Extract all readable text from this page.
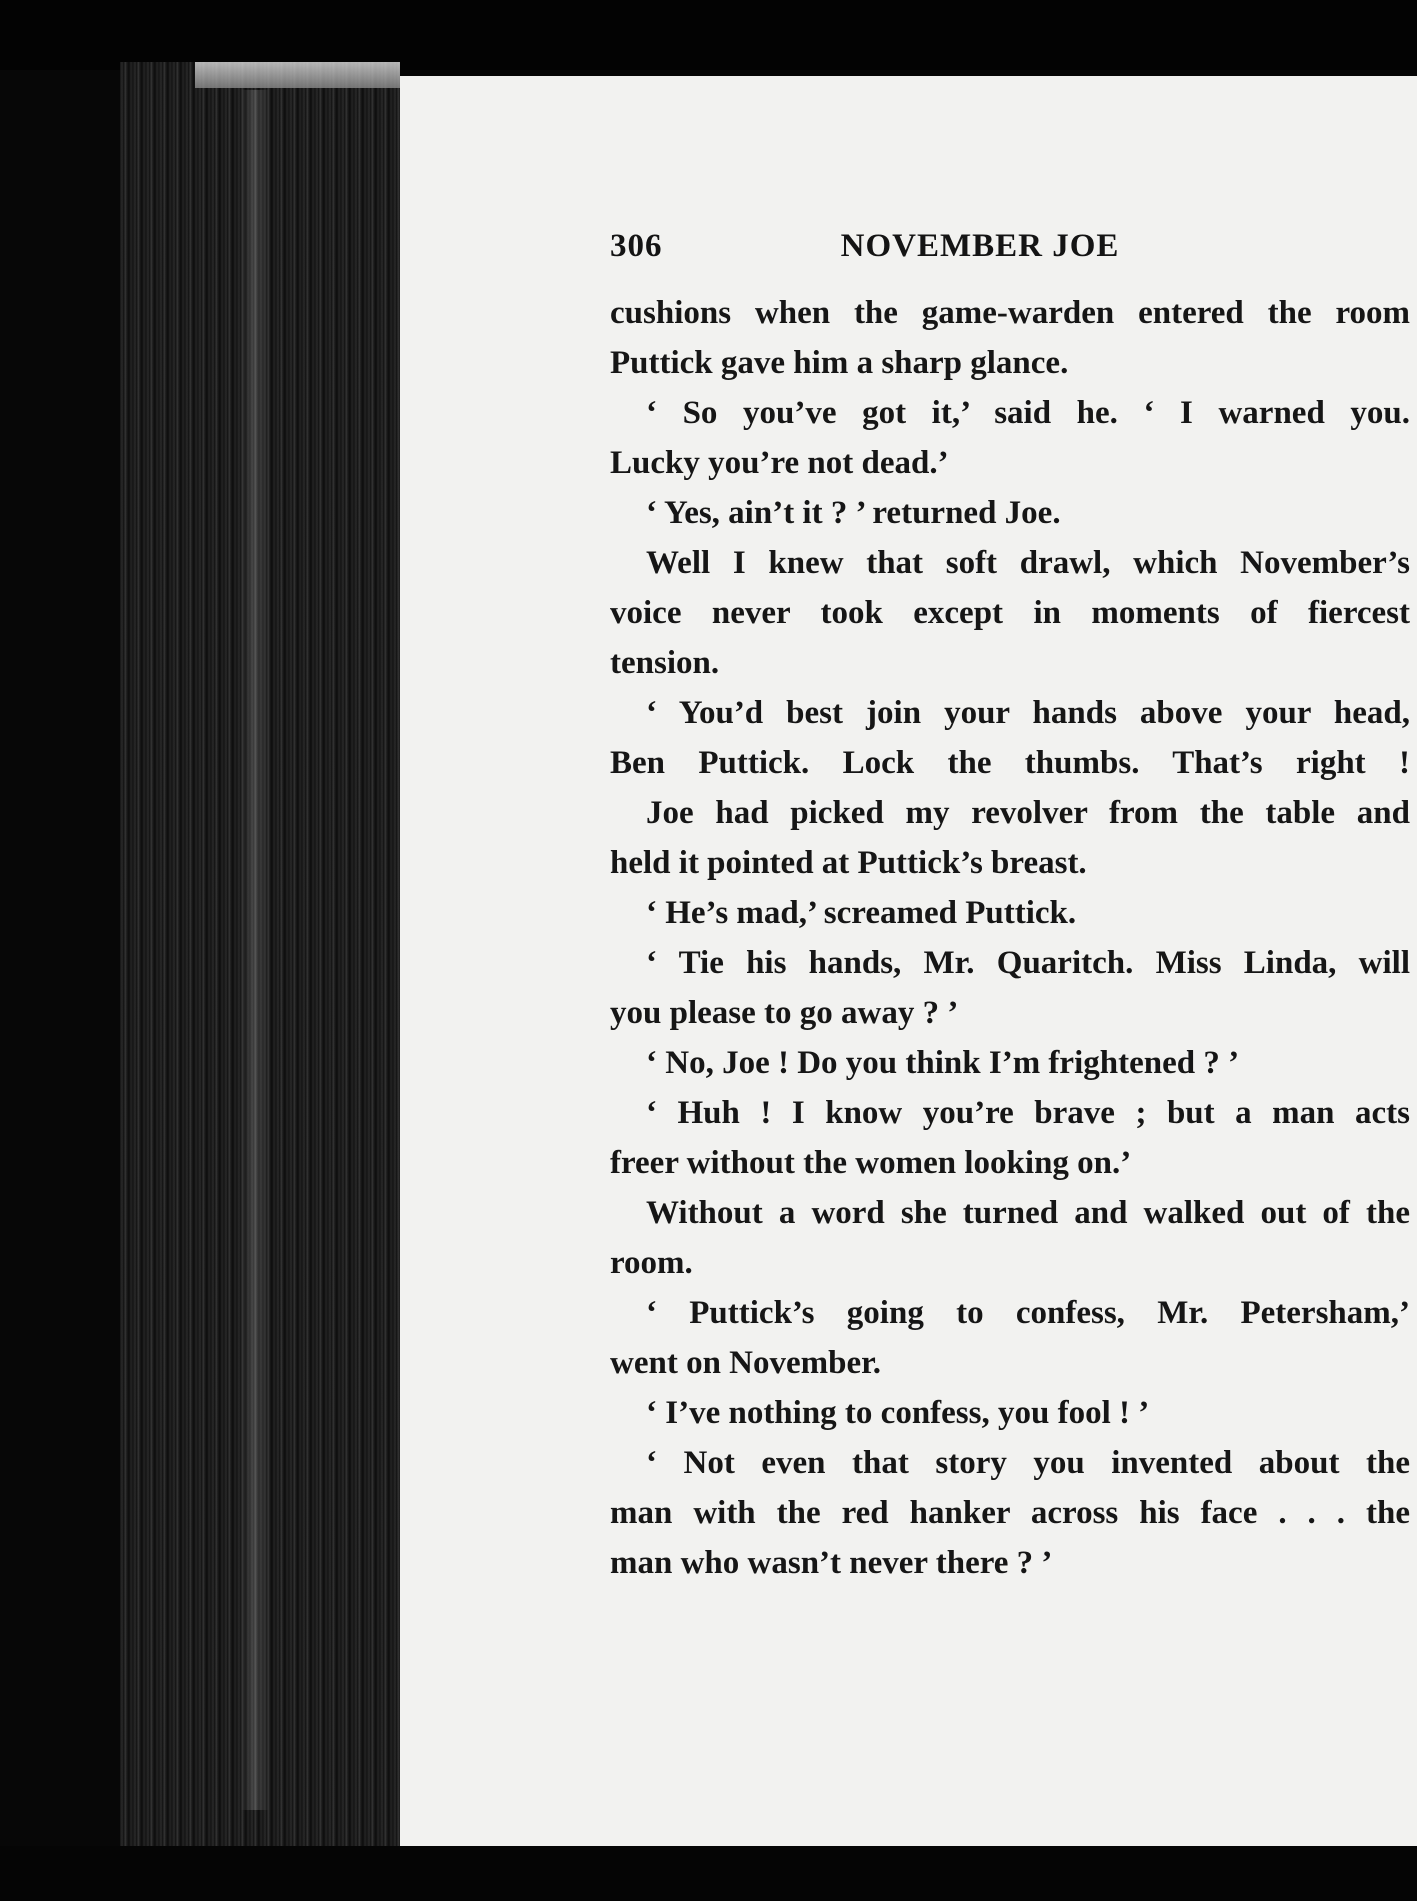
306	NOVEMBER JOE
cushions when the game-warden entered the room
Puttick gave him a sharp glance.
‘ So you’ve got it,’ said he. ‘ I warned you.
Lucky you’re not dead.’
‘ Yes, ain’t it ? ’ returned Joe.
Well I knew that soft drawl, which November’s
voice never took except in moments of fiercest
tension.
‘ You’d best join your hands above your head,
Ben Puttick. Lock the thumbs. That’s right !
Joe had picked my revolver from the table and
held it pointed at Puttick’s breast.
‘ He’s mad,’ screamed Puttick.
‘ Tie his hands, Mr. Quaritch. Miss Linda, will
you please to go away ? ’
‘ No, Joe ! Do you think I’m frightened ? ’
‘ Huh ! I know you’re brave ; but a man acts
freer without the women looking on.’
Without a word she turned and walked out of the
room.
‘ Puttick’s going to confess, Mr. Petersham,’
went on November.
‘ I’ve nothing to confess, you fool ! ’
‘ Not even that story you invented about the
man with the red hanker across his face . . . the
man who wasn’t never there ? ’
